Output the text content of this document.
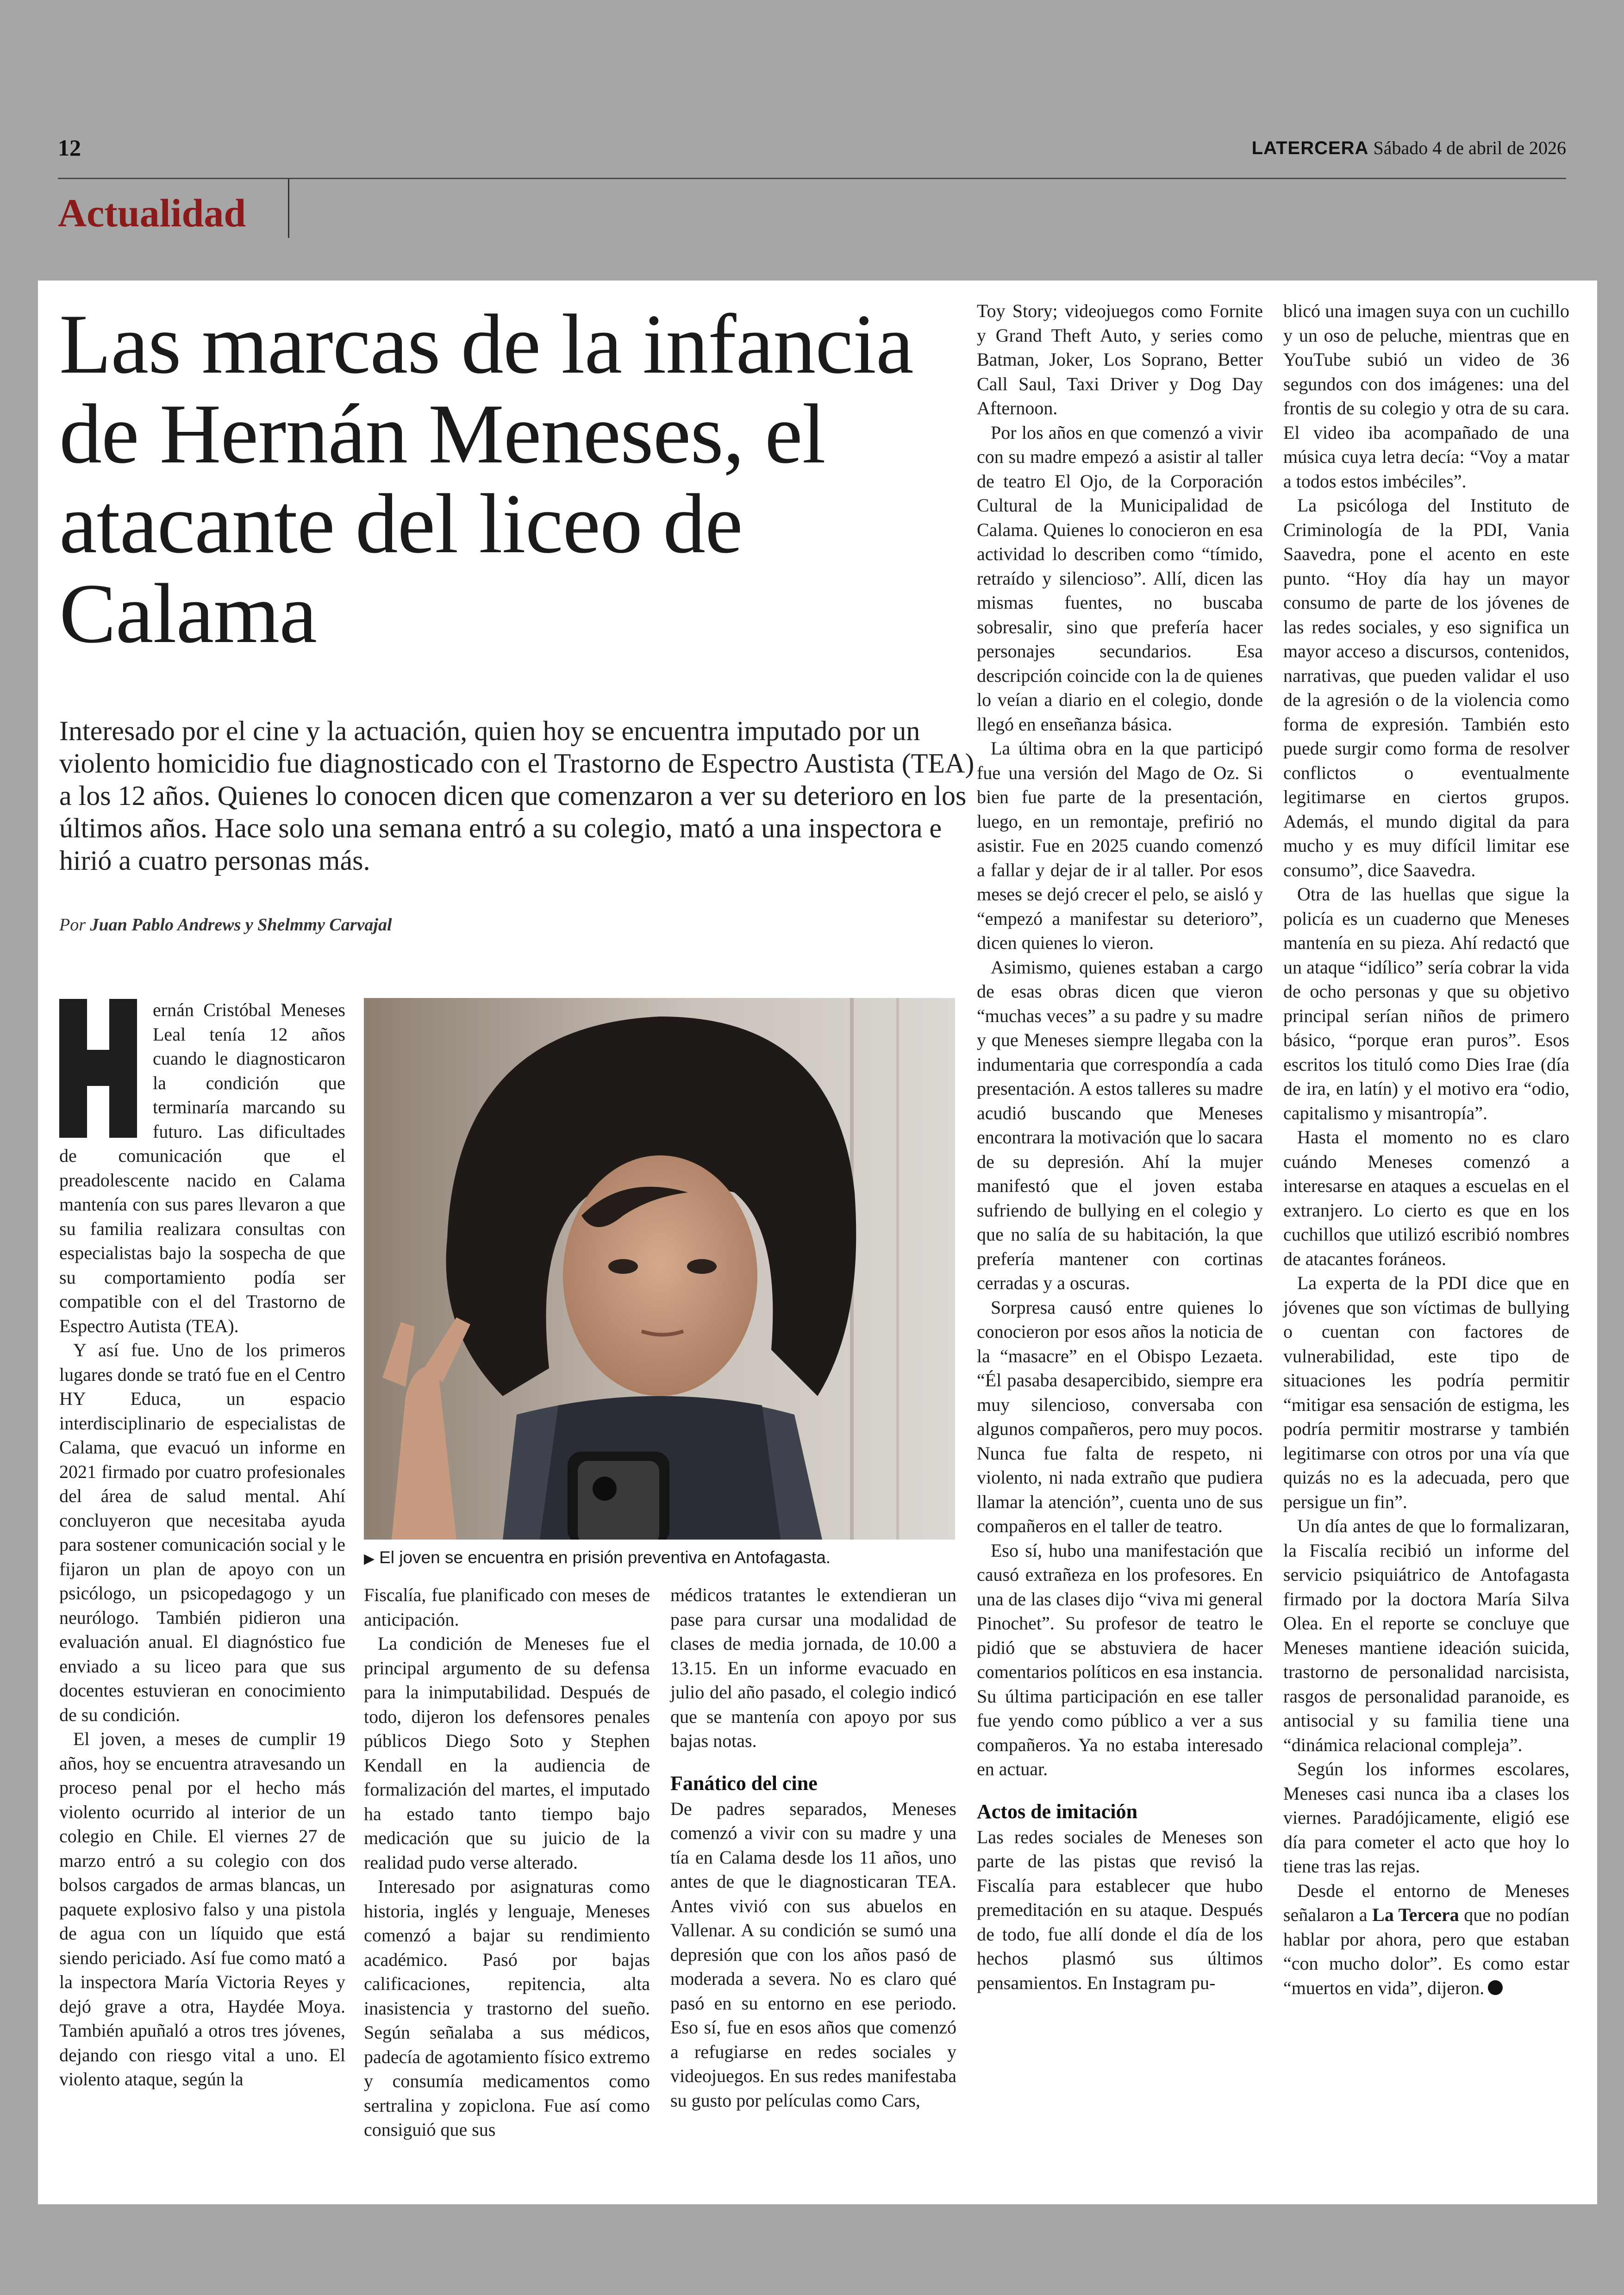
12	LATERCERA Sábado 4 de abril de 2026
Actualidad
Las marcas de la infancia de Hernán Meneses, el atacante del liceo de Calama

Interesado por el cine y la actuación, quien hoy se encuentra imputado por un violento homicidio fue diagnosticado con el Trastorno de Espectro Austista (TEA) a los 12 años. Quienes lo conocen dicen que comenzaron a ver su deterioro en los últimos años. Hace solo una semana entró a su colegio, mató a una inspectora e hirió a cuatro personas más.

Por Juan Pablo Andrews y Shelmmy Carvajal

ernán Cristóbal Meneses Leal tenía 12 años cuando le diagnosticaron la condición que terminaría marcando su futuro. Las dificultades de comunicación que el preadolescente nacido en Calama mantenía con sus pares llevaron a que su familia realizara consultas con especialistas bajo la sospecha de que su comportamiento podía ser compatible con el del Trastorno de Espectro Autista (TEA).

Y así fue. Uno de los primeros lugares donde se trató fue en el Centro HY Educa, un espacio interdisciplinario de especialistas de Calama, que evacuó un informe en 2021 firmado por cuatro profesionales del área de salud mental. Ahí concluyeron que necesitaba ayuda para sostener comunicación social y le fijaron un plan de apoyo con un psicólogo, un psicopedagogo y un neurólogo. También pidieron una evaluación anual. El diagnóstico fue enviado a su liceo para que sus docentes estuvieran en conocimiento de su condición.

El joven, a meses de cumplir 19 años, hoy se encuentra atravesando un proceso penal por el hecho más violento ocurrido al interior de un colegio en Chile. El viernes 27 de marzo entró a su colegio con dos bolsos cargados de armas blancas, un paquete explosivo falso y una pistola de agua con un líquido que está siendo periciado. Así fue como mató a la inspectora María Victoria Reyes y dejó grave a otra, Haydée Moya. También apuñaló a otros tres jóvenes, dejando con riesgo vital a uno. El violento ataque, según la

▶ El joven se encuentra en prisión preventiva en Antofagasta.

Fiscalía, fue planificado con meses de anticipación.

La condición de Meneses fue el principal argumento de su defensa para la inimputabilidad. Después de todo, dijeron los defensores penales públicos Diego Soto y Stephen Kendall en la audiencia de formalización del martes, el imputado ha estado tanto tiempo bajo medicación que su juicio de la realidad pudo verse alterado.

Interesado por asignaturas como historia, inglés y lenguaje, Meneses comenzó a bajar su rendimiento académico. Pasó por bajas calificaciones, repitencia, alta inasistencia y trastorno del sueño. Según señalaba a sus médicos, padecía de agotamiento físico extremo y consumía medicamentos como sertralina y zopiclona. Fue así como consiguió que sus

médicos tratantes le extendieran un pase para cursar una modalidad de clases de media jornada, de 10.00 a 13.15. En un informe evacuado en julio del año pasado, el colegio indicó que se mantenía con apoyo por sus bajas notas.

Fanático del cine

De padres separados, Meneses comenzó a vivir con su madre y una tía en Calama desde los 11 años, uno antes de que le diagnosticaran TEA. Antes vivió con sus abuelos en Vallenar. A su condición se sumó una depresión que con los años pasó de moderada a severa. No es claro qué pasó en su entorno en ese periodo. Eso sí, fue en esos años que comenzó a refugiarse en redes sociales y videojuegos. En sus redes manifestaba su gusto por películas como Cars,

Toy Story; videojuegos como Fornite y Grand Theft Auto, y series como Batman, Joker, Los Soprano, Better Call Saul, Taxi Driver y Dog Day Afternoon.

Por los años en que comenzó a vivir con su madre empezó a asistir al taller de teatro El Ojo, de la Corporación Cultural de la Municipalidad de Calama. Quienes lo conocieron en esa actividad lo describen como “tímido, retraído y silencioso”. Allí, dicen las mismas fuentes, no buscaba sobresalir, sino que prefería hacer personajes secundarios. Esa descripción coincide con la de quienes lo veían a diario en el colegio, donde llegó en enseñanza básica.

La última obra en la que participó fue una versión del Mago de Oz. Si bien fue parte de la presentación, luego, en un remontaje, prefirió no asistir. Fue en 2025 cuando comenzó a fallar y dejar de ir al taller. Por esos meses se dejó crecer el pelo, se aisló y “empezó a manifestar su deterioro”, dicen quienes lo vieron.

Asimismo, quienes estaban a cargo de esas obras dicen que vieron “muchas veces” a su padre y su madre y que Meneses siempre llegaba con la indumentaria que correspondía a cada presentación. A estos talleres su madre acudió buscando que Meneses encontrara la motivación que lo sacara de su depresión. Ahí la mujer manifestó que el joven estaba sufriendo de bullying en el colegio y que no salía de su habitación, la que prefería mantener con cortinas cerradas y a oscuras.

Sorpresa causó entre quienes lo conocieron por esos años la noticia de la “masacre” en el Obispo Lezaeta. “Él pasaba desapercibido, siempre era muy silencioso, conversaba con algunos compañeros, pero muy pocos. Nunca fue falta de respeto, ni violento, ni nada extraño que pudiera llamar la atención”, cuenta uno de sus compañeros en el taller de teatro.

Eso sí, hubo una manifestación que causó extrañeza en los profesores. En una de las clases dijo “viva mi general Pinochet”. Su profesor de teatro le pidió que se abstuviera de hacer comentarios políticos en esa instancia. Su última participación en ese taller fue yendo como público a ver a sus compañeros. Ya no estaba interesado en actuar.

Actos de imitación

Las redes sociales de Meneses son parte de las pistas que revisó la Fiscalía para establecer que hubo premeditación en su ataque. Después de todo, fue allí donde el día de los hechos plasmó sus últimos pensamientos. En Instagram pu-

blicó una imagen suya con un cuchillo y un oso de peluche, mientras que en YouTube subió un video de 36 segundos con dos imágenes: una del frontis de su colegio y otra de su cara. El video iba acompañado de una música cuya letra decía: “Voy a matar a todos estos imbéciles”.

La psicóloga del Instituto de Criminología de la PDI, Vania Saavedra, pone el acento en este punto. “Hoy día hay un mayor consumo de parte de los jóvenes de las redes sociales, y eso significa un mayor acceso a discursos, contenidos, narrativas, que pueden validar el uso de la agresión o de la violencia como forma de expresión. También esto puede surgir como forma de resolver conflictos o eventualmente legitimarse en ciertos grupos. Además, el mundo digital da para mucho y es muy difícil limitar ese consumo”, dice Saavedra.

Otra de las huellas que sigue la policía es un cuaderno que Meneses mantenía en su pieza. Ahí redactó que un ataque “idílico” sería cobrar la vida de ocho personas y que su objetivo principal serían niños de primero básico, “porque eran puros”. Esos escritos los tituló como Dies Irae (día de ira, en latín) y el motivo era “odio, capitalismo y misantropía”.

Hasta el momento no es claro cuándo Meneses comenzó a interesarse en ataques a escuelas en el extranjero. Lo cierto es que en los cuchillos que utilizó escribió nombres de atacantes foráneos.

La experta de la PDI dice que en jóvenes que son víctimas de bullying o cuentan con factores de vulnerabilidad, este tipo de situaciones les podría permitir “mitigar esa sensación de estigma, les podría permitir mostrarse y también legitimarse con otros por una vía que quizás no es la adecuada, pero que persigue un fin”.

Un día antes de que lo formalizaran, la Fiscalía recibió un informe del servicio psiquiátrico de Antofagasta firmado por la doctora María Silva Olea. En el reporte se concluye que Meneses mantiene ideación suicida, trastorno de personalidad narcisista, rasgos de personalidad paranoide, es antisocial y su familia tiene una “dinámica relacional compleja”.

Según los informes escolares, Meneses casi nunca iba a clases los viernes. Paradójicamente, eligió ese día para cometer el acto que hoy lo tiene tras las rejas.

Desde el entorno de Meneses señalaron a La Tercera que no podían hablar por ahora, pero que estaban “con mucho dolor”. Es como estar “muertos en vida”, dijeron.
